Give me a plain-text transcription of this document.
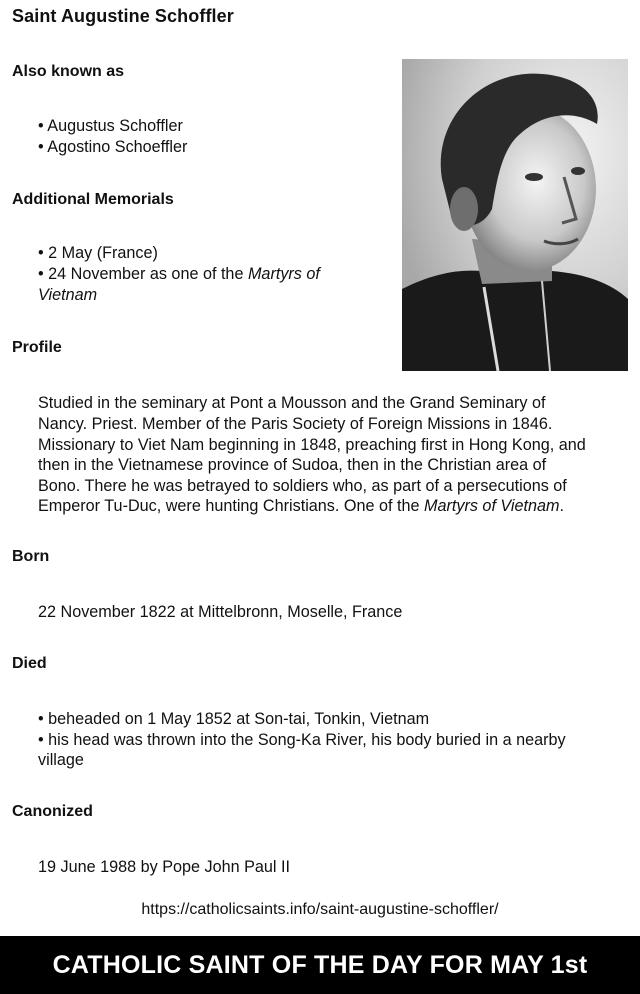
Saint Augustine Schoffler
Also known as
• Augustus Schoffler
• Agostino Schoeffler
Additional Memorials
• 2 May (France)
• 24 November as one of the Martyrs of
Vietnam
Profile
Studied in the seminary at Pont a Mousson and the Grand Seminary of
Nancy. Priest. Member of the Paris Society of Foreign Missions in 1846.
Missionary to Viet Nam beginning in 1848, preaching first in Hong Kong, and
then in the Vietnamese province of Sudoa, then in the Christian area of
Bono. There he was betrayed to soldiers who, as part of a persecutions of
Emperor Tu-Duc, were hunting Christians. One of the Martyrs of Vietnam.
Born
22 November 1822 at Mittelbronn, Moselle, France
Died
• beheaded on 1 May 1852 at Son-tai, Tonkin, Vietnam
• his head was thrown into the Song-Ka River, his body buried in a nearby
village
Canonized
19 June 1988 by Pope John Paul II
https://catholicsaints.info/saint-augustine-schoffler/
CATHOLIC SAINT OF THE DAY FOR MAY 1st
